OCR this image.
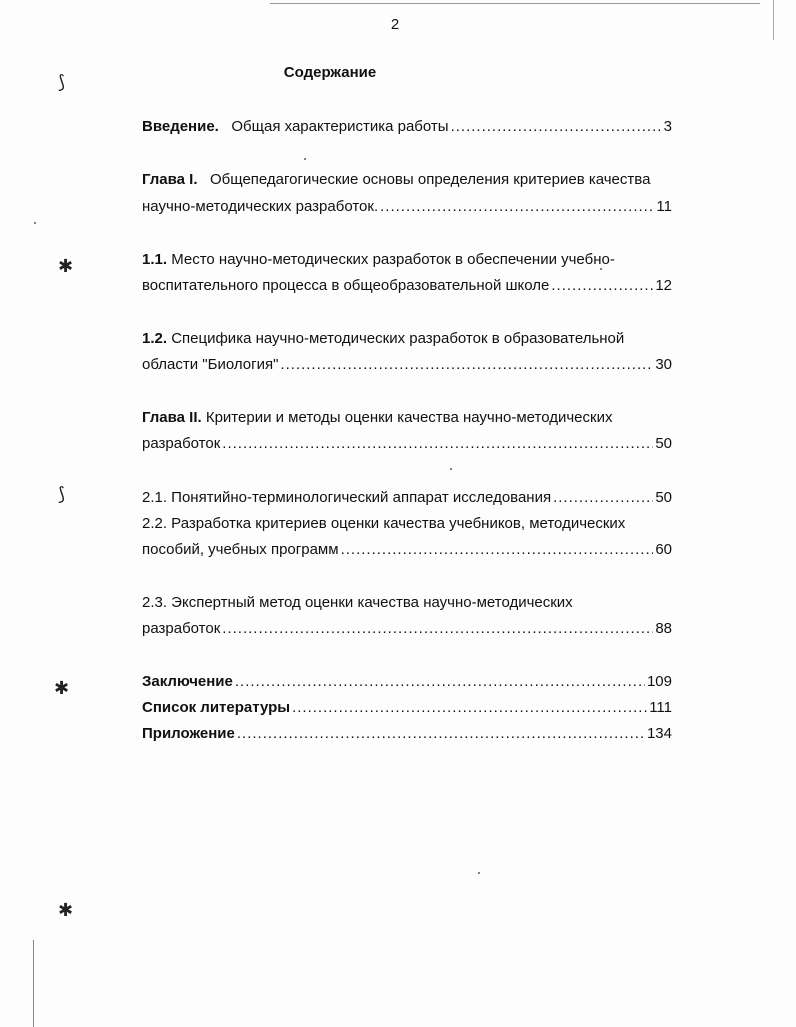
⟆
✱
⟆
✱
✱
2
Содержание
Введение. Общая характеристика работы .....	3
Глава I. Общепедагогические основы определения критериев качества
научно-методических разработок. .....	11
1.1. Место научно-методических разработок в обеспечении учебно-
воспитательного процесса в общеобразовательной школе .....	12
1.2. Специфика научно-методических разработок в образовательной
области "Биология" .....	30
Глава II. Критерии и методы оценки качества научно-методических
разработок .....	50
2.1. Понятийно-терминологический аппарат исследования .....	50
2.2. Разработка критериев оценки качества учебников, методических
пособий, учебных программ .....	60
2.3. Экспертный метод оценки качества научно-методических
разработок .....	88
Заключение .....	109
Список литературы .....	111
Приложение .....	134
